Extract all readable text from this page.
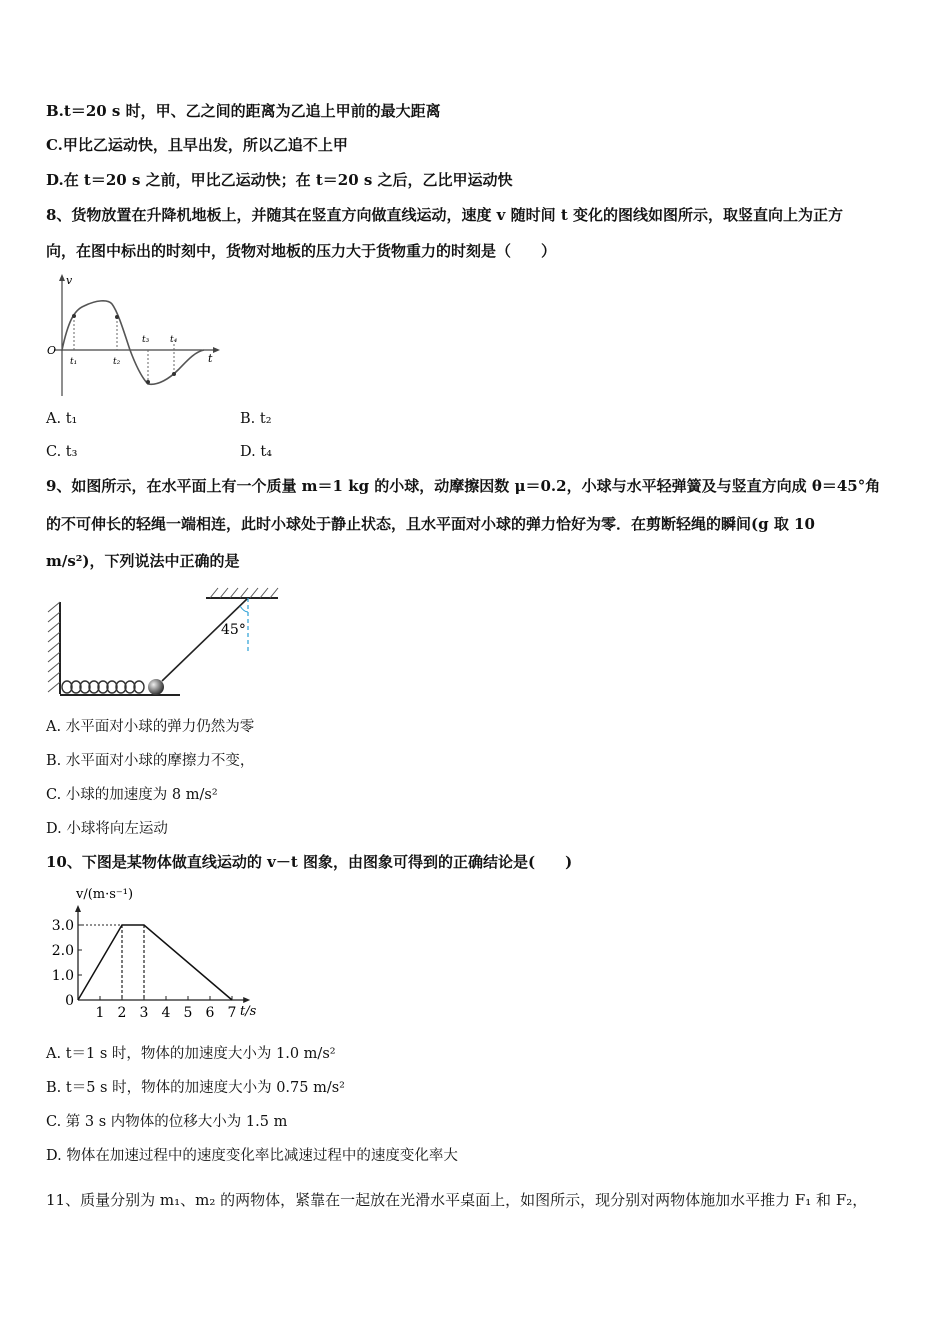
B.t＝20 s 时，甲、乙之间的距离为乙追上甲前的最大距离
C.甲比乙运动快，且早出发，所以乙追不上甲
D.在 t＝20 s 之前，甲比乙运动快；在 t＝20 s 之后，乙比甲运动快
8、货物放置在升降机地板上，并随其在竖直方向做直线运动，速度 v 随时间 t 变化的图线如图所示，取竖直向上为正方
向，在图中标出的时刻中，货物对地板的压力大于货物重力的时刻是（　　）
v
O
t
t₁	t₂
t₃ t₄
A. t₁	B. t₂
C. t₃	D. t₄
9、如图所示，在水平面上有一个质量 m＝1 kg 的小球，动摩擦因数 μ＝0.2，小球与水平轻弹簧及与竖直方向成 θ＝45°角
的不可伸长的轻绳一端相连，此时小球处于静止状态，且水平面对小球的弹力恰好为零．在剪断轻绳的瞬间(g 取 10
m/s²)，下列说法中正确的是
45°
A. 水平面对小球的弹力仍然为零
B. 水平面对小球的摩擦力不变，
C. 小球的加速度为 8 m/s²
D. 小球将向左运动
10、下图是某物体做直线运动的 v－t 图象，由图象可得到的正确结论是(　　)
v/(m·s⁻¹)
t/s
0
1.0
2.0
3.0
1 2 3 4 5 6 7
A. t＝1 s 时，物体的加速度大小为 1.0 m/s²
B. t＝5 s 时，物体的加速度大小为 0.75 m/s²
C. 第 3 s 内物体的位移大小为 1.5 m
D. 物体在加速过程中的速度变化率比减速过程中的速度变化率大
11、质量分别为 m₁、m₂ 的两物体，紧靠在一起放在光滑水平桌面上，如图所示，现分别对两物体施加水平推力 F₁ 和 F₂，
